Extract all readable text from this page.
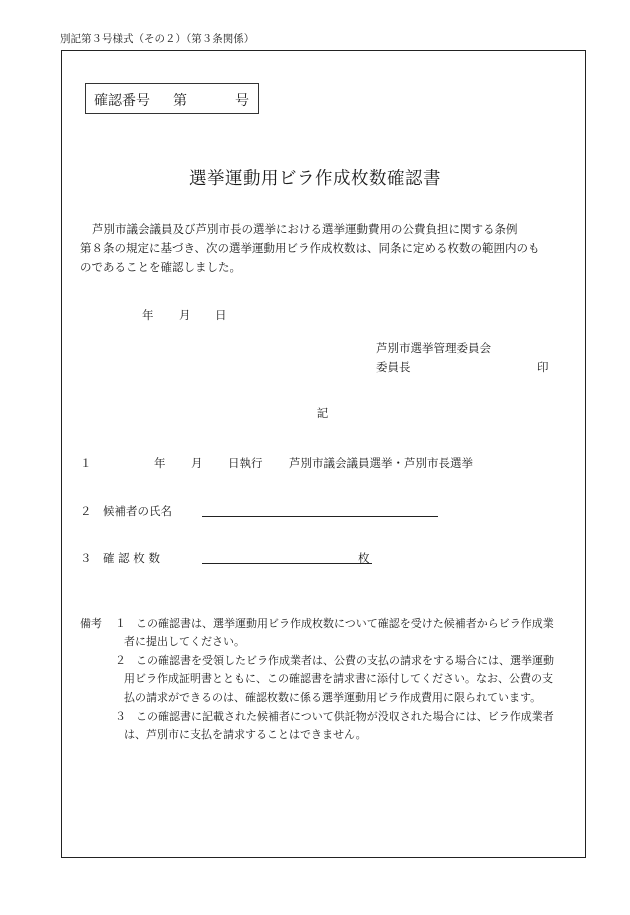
別記第３号様式（その２）（第３条関係）
確認番号 第	号
選挙運動用ビラ作成枚数確認書
芦別市議会議員及び芦別市長の選挙における選挙運動費用の公費負担に関する条例
第８条の規定に基づき、次の選挙運動用ビラ作成枚数は、同条に定める枚数の範囲内のも
のであることを確認しました。
年 月 日
芦別市選挙管理委員会
委員長	印
記
１	年 月 日執行 芦別市議会議員選挙・芦別市長選挙
２ 候補者の氏名
３ 確 認 枚 数	枚
備考 １ この確認書は、選挙運動用ビラ作成枚数について確認を受けた候補者からビラ作成業
者に提出してください。
２ この確認書を受領したビラ作成業者は、公費の支払の請求をする場合には、選挙運動
用ビラ作成証明書とともに、この確認書を請求書に添付してください。なお、公費の支
払の請求ができるのは、確認枚数に係る選挙運動用ビラ作成費用に限られています。
３ この確認書に記載された候補者について供託物が没収された場合には、ビラ作成業者
は、芦別市に支払を請求することはできません。
